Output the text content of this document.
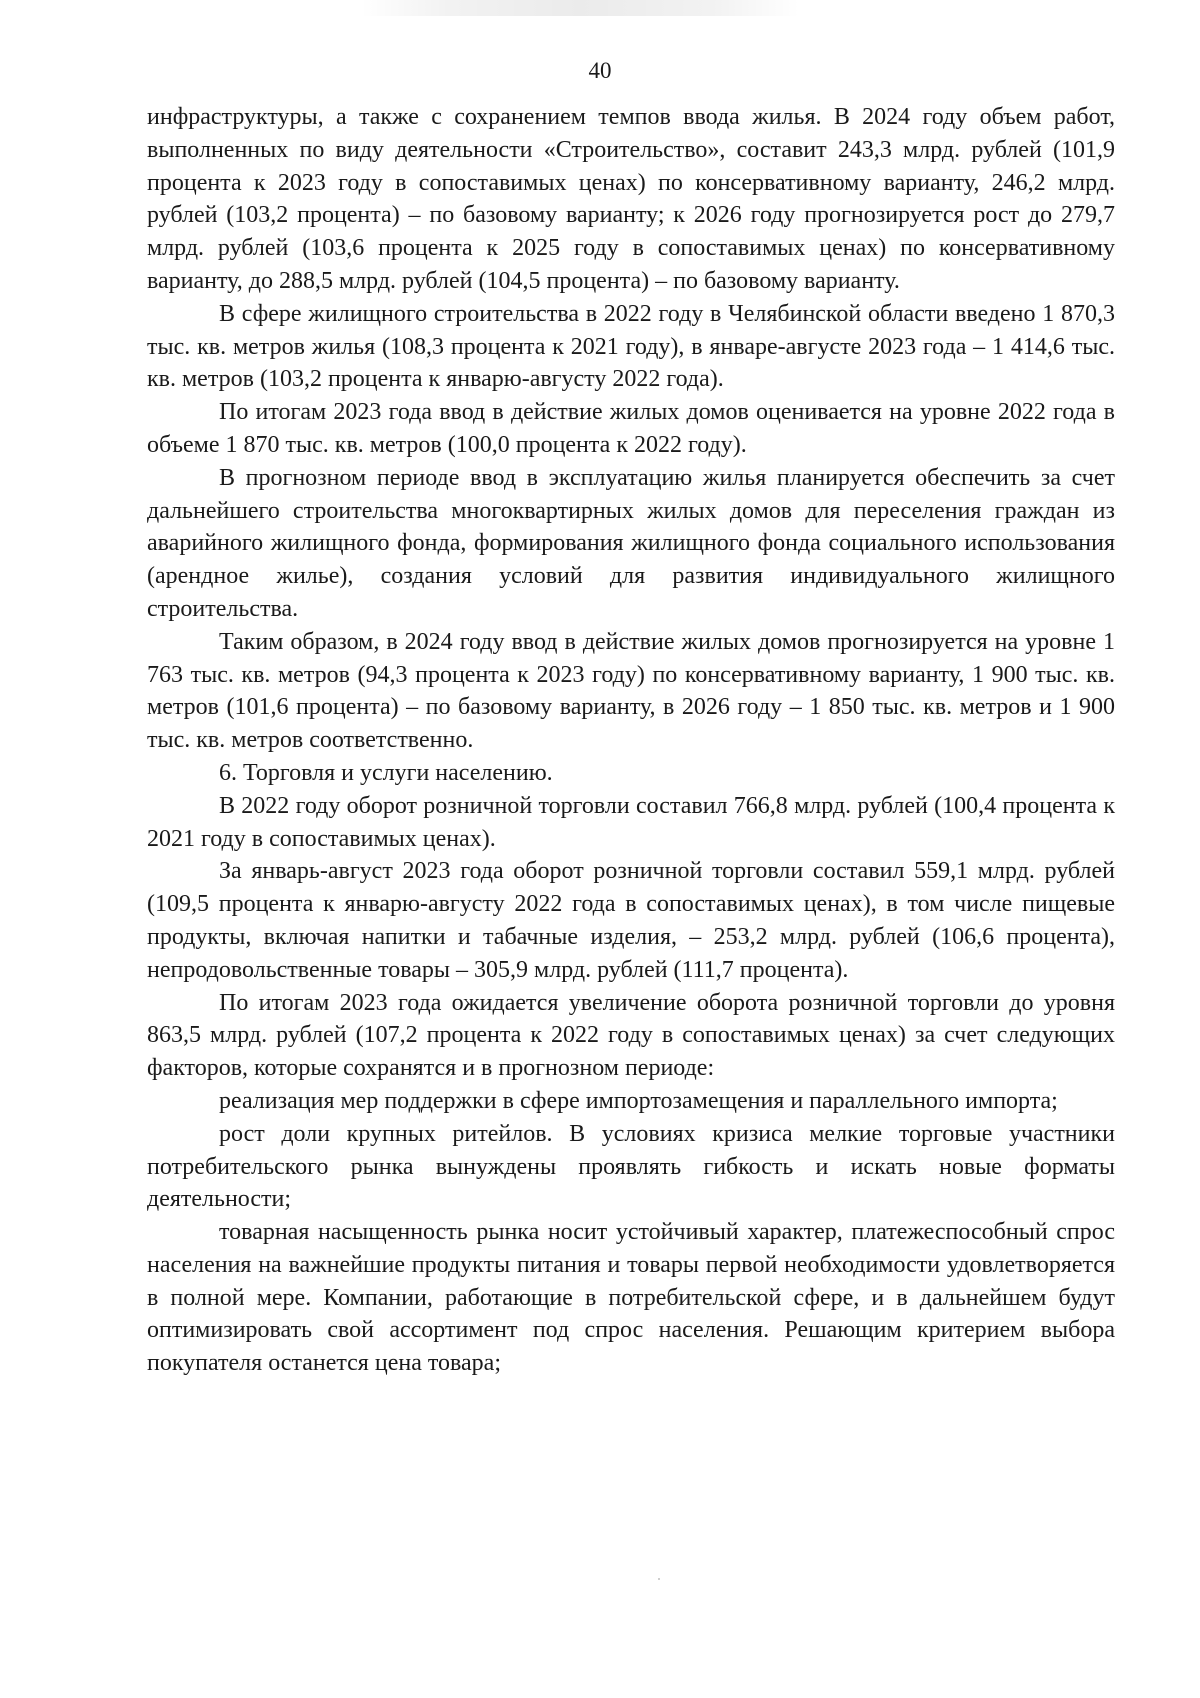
40

инфраструктуры, а также с сохранением темпов ввода жилья. В 2024 году объем работ, выполненных по виду деятельности «Строительство», составит 243,3 млрд. рублей (101,9 процента к 2023 году в сопоставимых ценах) по консервативному варианту, 246,2 млрд. рублей (103,2 процента) – по базовому варианту; к 2026 году прогнозируется рост до 279,7 млрд. рублей (103,6 процента к 2025 году в сопоставимых ценах) по консервативному варианту, до 288,5 млрд. рублей (104,5 процента) – по базовому варианту.

В сфере жилищного строительства в 2022 году в Челябинской области введено 1 870,3 тыс. кв. метров жилья (108,3 процента к 2021 году), в январе-августе 2023 года – 1 414,6 тыс. кв. метров (103,2 процента к январю-августу 2022 года).

По итогам 2023 года ввод в действие жилых домов оценивается на уровне 2022 года в объеме 1 870 тыс. кв. метров (100,0 процента к 2022 году).

В прогнозном периоде ввод в эксплуатацию жилья планируется обеспечить за счет дальнейшего строительства многоквартирных жилых домов для переселения граждан из аварийного жилищного фонда, формирования жилищного фонда социального использования (арендное жилье), создания условий для развития индивидуального жилищного строительства.

Таким образом, в 2024 году ввод в действие жилых домов прогнозируется на уровне 1 763 тыс. кв. метров (94,3 процента к 2023 году) по консервативному варианту, 1 900 тыс. кв. метров (101,6 процента) – по базовому варианту, в 2026 году – 1 850 тыс. кв. метров и 1 900 тыс. кв. метров соответственно.

6. Торговля и услуги населению.

В 2022 году оборот розничной торговли составил 766,8 млрд. рублей (100,4 процента к 2021 году в сопоставимых ценах).

За январь-август 2023 года оборот розничной торговли составил 559,1 млрд. рублей (109,5 процента к январю-августу 2022 года в сопоставимых ценах), в том числе пищевые продукты, включая напитки и табачные изделия, – 253,2 млрд. рублей (106,6 процента), непродовольственные товары – 305,9 млрд. рублей (111,7 процента).

По итогам 2023 года ожидается увеличение оборота розничной торговли до уровня 863,5 млрд. рублей (107,2 процента к 2022 году в сопоставимых ценах) за счет следующих факторов, которые сохранятся и в прогнозном периоде:

реализация мер поддержки в сфере импортозамещения и параллельного импорта;

рост доли крупных ритейлов. В условиях кризиса мелкие торговые участники потребительского рынка вынуждены проявлять гибкость и искать новые форматы деятельности;

товарная насыщенность рынка носит устойчивый характер, платежеспособный спрос населения на важнейшие продукты питания и товары первой необходимости удовлетворяется в полной мере. Компании, работающие в потребительской сфере, и в дальнейшем будут оптимизировать свой ассортимент под спрос населения. Решающим критерием выбора покупателя останется цена товара;
